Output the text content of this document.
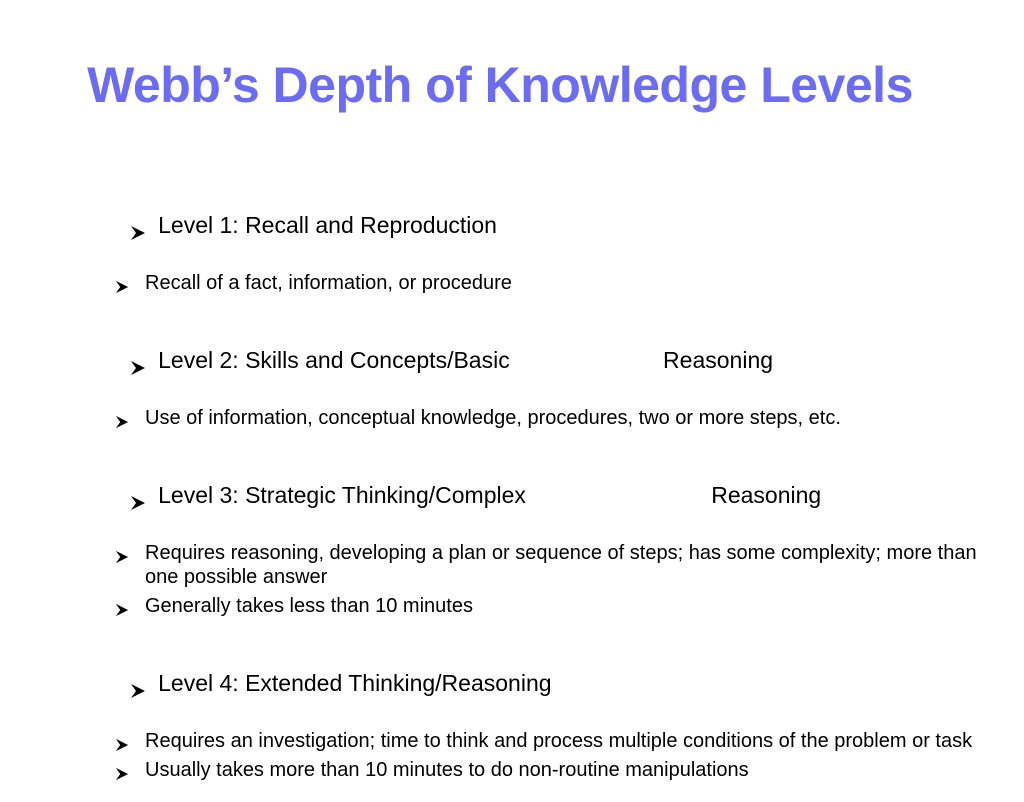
Webb’s Depth of Knowledge Levels

Level 1: Recall and Reproduction

Recall of a fact, information, or procedure

Level 2: Skills and Concepts/Basic                        Reasoning

Use of information, conceptual knowledge, procedures, two or more steps, etc.

Level 3: Strategic Thinking/Complex                             Reasoning

Requires reasoning, developing a plan or sequence of steps; has some complexity; more than one possible answer
Generally takes less than 10 minutes

Level 4: Extended Thinking/Reasoning

Requires an investigation; time to think and process multiple conditions of the problem or task
Usually takes more than 10 minutes to do non-routine manipulations
